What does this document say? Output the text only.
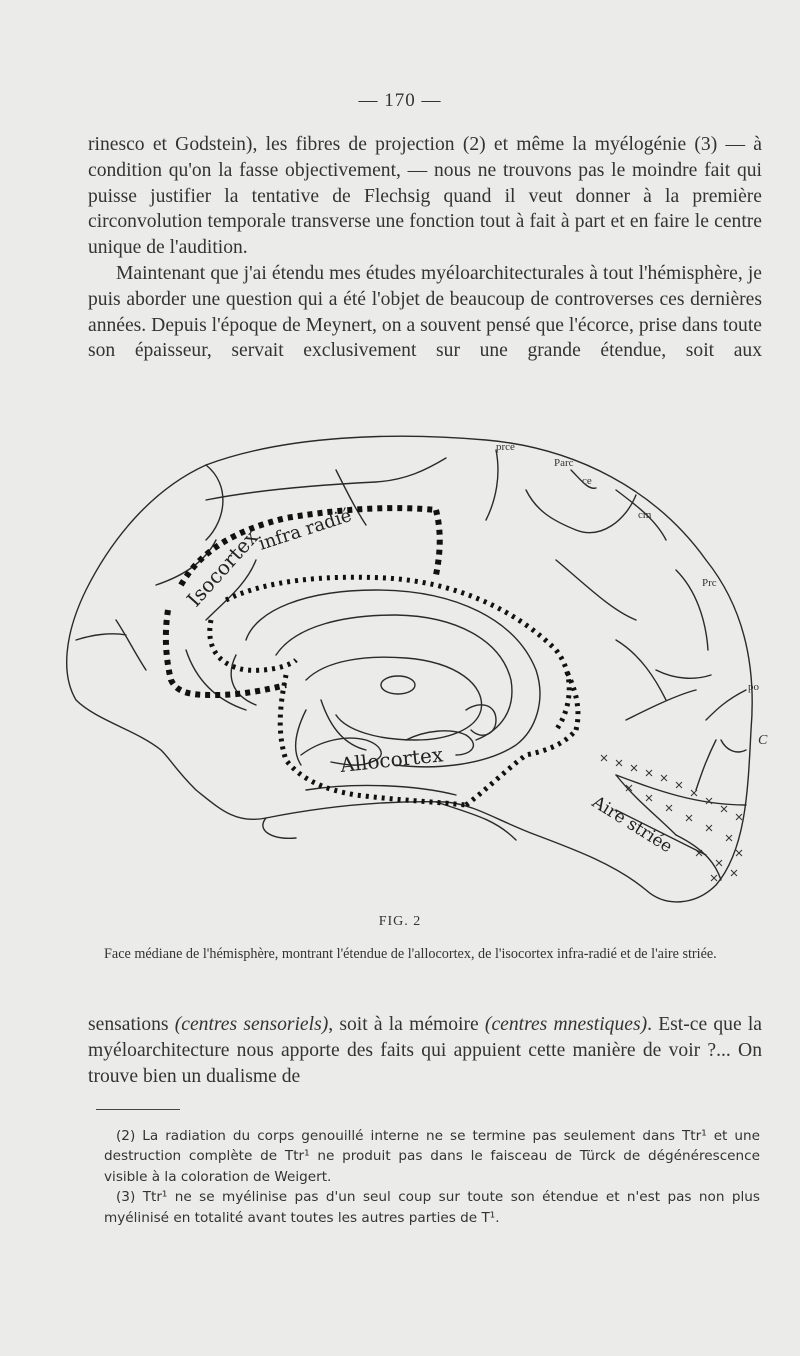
— 170 —

rinesco et Godstein), les fibres de projection (2) et même la myélogénie (3) — à condition qu'on la fasse objectivement, — nous ne trouvons pas le moindre fait qui puisse justifier la tentative de Flechsig quand il veut donner à la première circonvolution temporale transverse une fonction tout à fait à part et en faire le centre unique de l'audition.

Maintenant que j'ai étendu mes études myéloarchitecturales à tout l'hémisphère, je puis aborder une question qui a été l'objet de beaucoup de controverses ces dernières années. Depuis l'époque de Meynert, on a souvent pensé que l'écorce, prise dans toute son épaisseur, servait exclusivement sur une grande étendue, soit aux

prce
Parc
ce
cm
Prc
po
C
Isocortex
infra radié
Allocortex
Aire striée
FIG. 2

Face médiane de l'hémisphère, montrant l'étendue de l'allocortex, de l'isocortex infra-radié et de l'aire striée.

sensations (centres sensoriels), soit à la mémoire (centres mnestiques). Est-ce que la myéloarchitecture nous apporte des faits qui appuient cette manière de voir ?... On trouve bien un dualisme de

(2) La radiation du corps genouillé interne ne se termine pas seulement dans Ttr¹ et une destruction complète de Ttr¹ ne produit pas dans le faisceau de Türck de dégénérescence visible à la coloration de Weigert.

(3) Ttr¹ ne se myélinise pas d'un seul coup sur toute son étendue et n'est pas non plus myélinisé en totalité avant toutes les autres parties de T¹.
